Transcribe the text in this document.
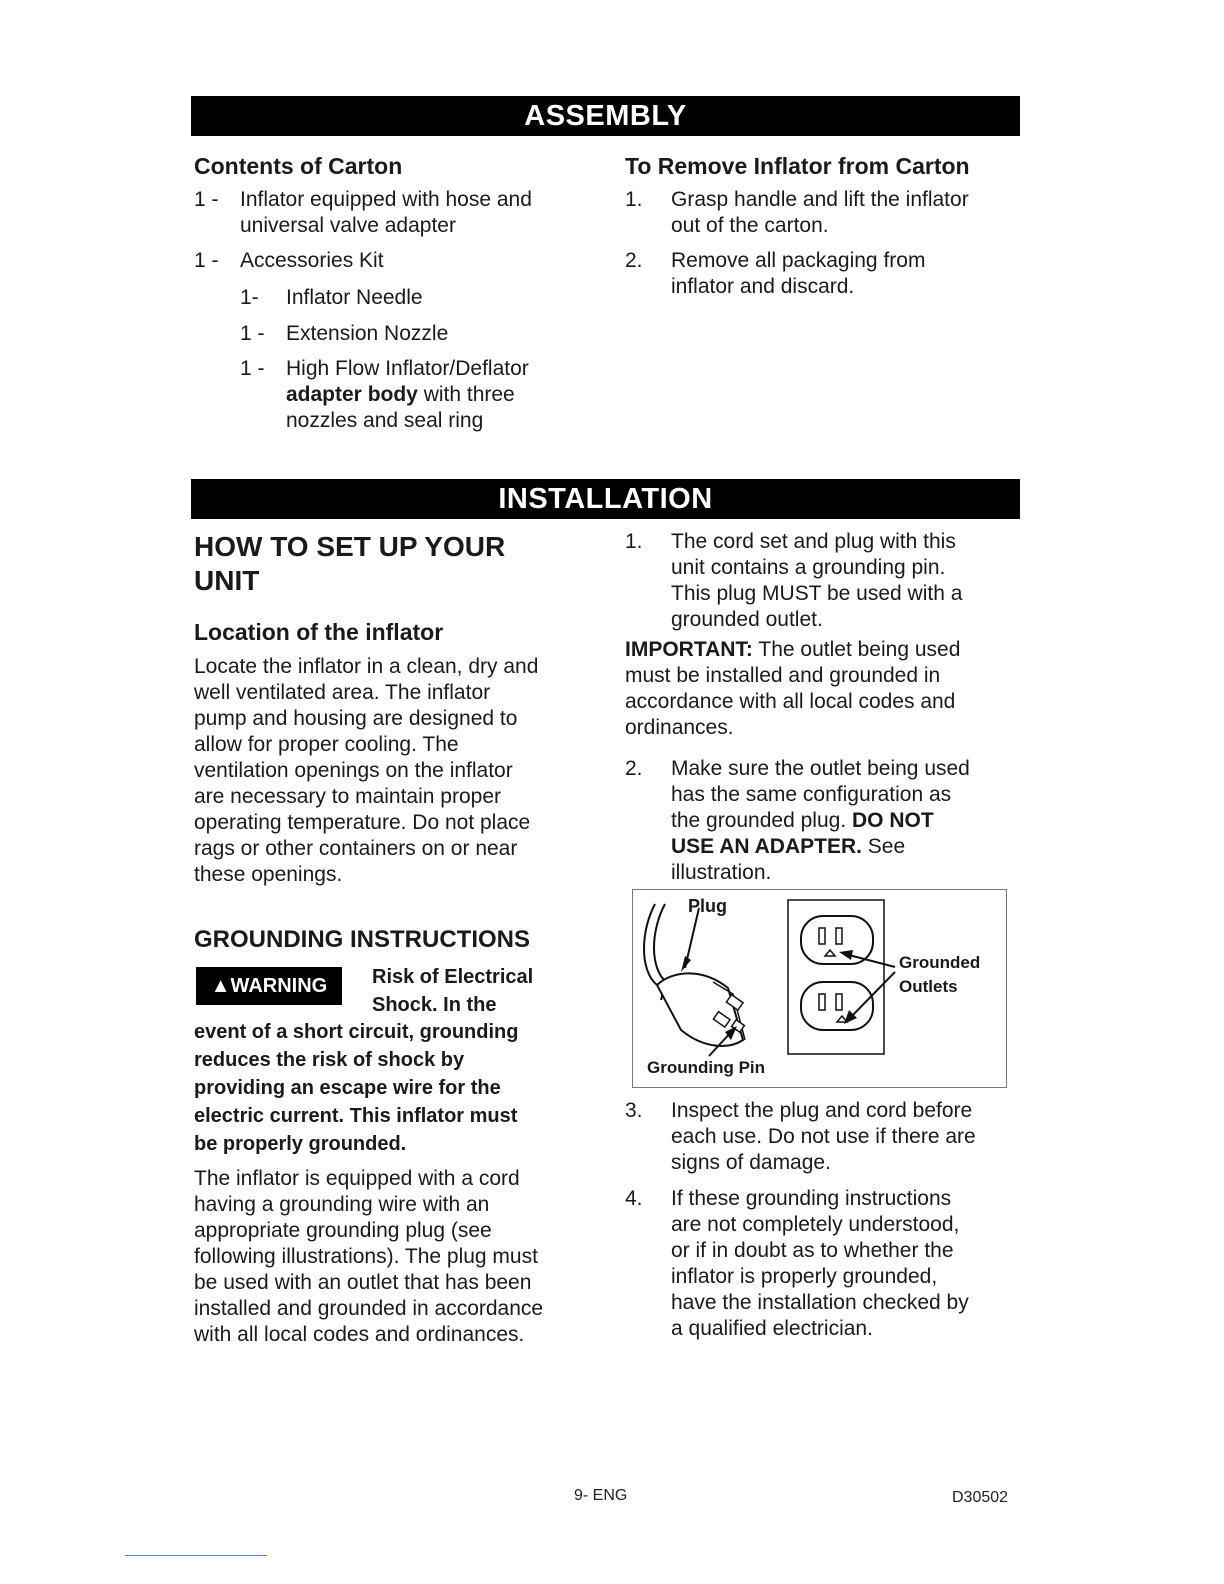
ASSEMBLY
Contents of Carton
1 - Inflator equipped with hose and
universal valve adapter
1 - Accessories Kit
1- Inflator Needle
1 - Extension Nozzle
1 - High Flow Inflator/Deflator
adapter body with three
nozzles and seal ring
To Remove Inflator from Carton
1. Grasp handle and lift the inflator
out of the carton.
2. Remove all packaging from
inflator and discard.
INSTALLATION
HOW TO SET UP YOUR
UNIT
Location of the inflator
Locate the inflator in a clean, dry and
well ventilated area. The inflator
pump and housing are designed to
allow for proper cooling. The
ventilation openings on the inflator
are necessary to maintain proper
operating temperature. Do not place
rags or other containers on or near
these openings.
GROUNDING INSTRUCTIONS
▲WARNING	Risk of Electrical
Shock. In the
event of a short circuit, grounding
reduces the risk of shock by
providing an escape wire for the
electric current. This inflator must
be properly grounded.
The inflator is equipped with a cord
having a grounding wire with an
appropriate grounding plug (see
following illustrations). The plug must
be used with an outlet that has been
installed and grounded in accordance
with all local codes and ordinances.
1. The cord set and plug with this
unit contains a grounding pin.
This plug MUST be used with a
grounded outlet.
IMPORTANT: The outlet being used
must be installed and grounded in
accordance with all local codes and
ordinances.
2. Make sure the outlet being used
has the same configuration as
the grounded plug. DO NOT
USE AN ADAPTER. See
illustration.
Plug
Grounded
Outlets
Grounding Pin
3. Inspect the plug and cord before
each use. Do not use if there are
signs of damage.
4. If these grounding instructions
are not completely understood,
or if in doubt as to whether the
inflator is properly grounded,
have the installation checked by
a qualified electrician.
9- ENG	D30502
